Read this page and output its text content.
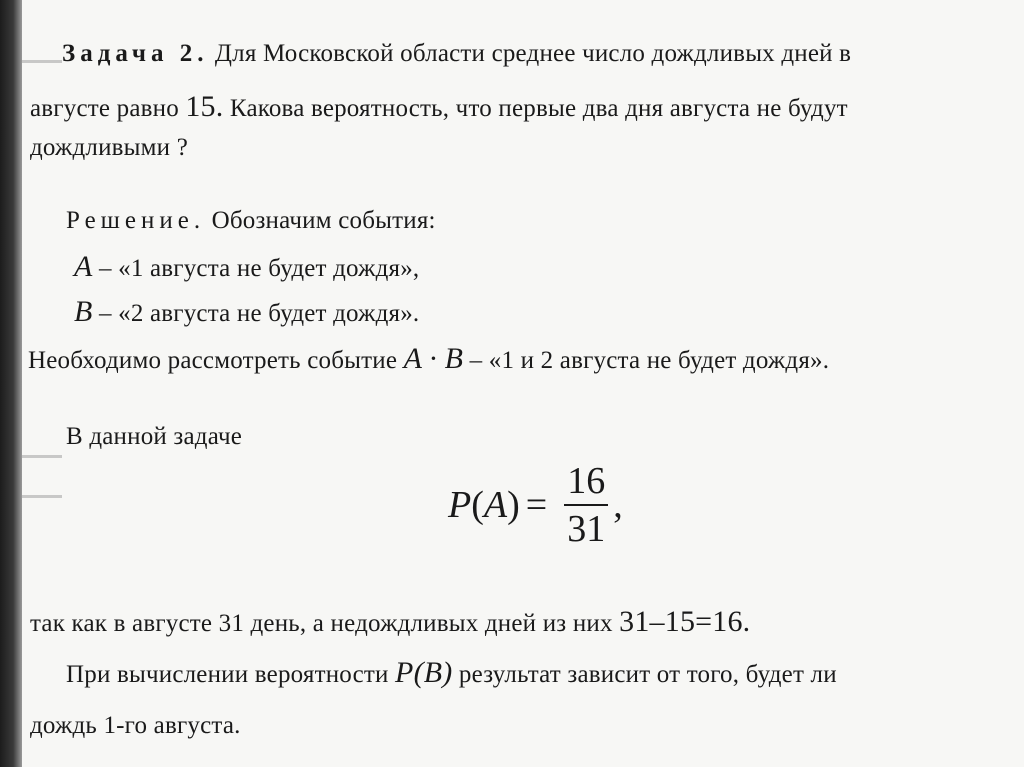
Задача 2. Для Московской области среднее число дождливых дней в
августе равно 15. Какова вероятность, что первые два дня августа не будут
дождливыми ?
Решение. Обозначим события:
A – «1 августа не будет дождя»,
B – «2 августа не будет дождя».
Необходимо рассмотреть событие A · B – «1 и 2 августа не будет дождя».
В данной задаче
$P(A) = \frac{16}{31}$ ,
так как в августе 31 день, а недождливых дней из них 31–15=16.
При вычислении вероятности P(B) результат зависит от того, будет ли
дождь 1-го августа.
